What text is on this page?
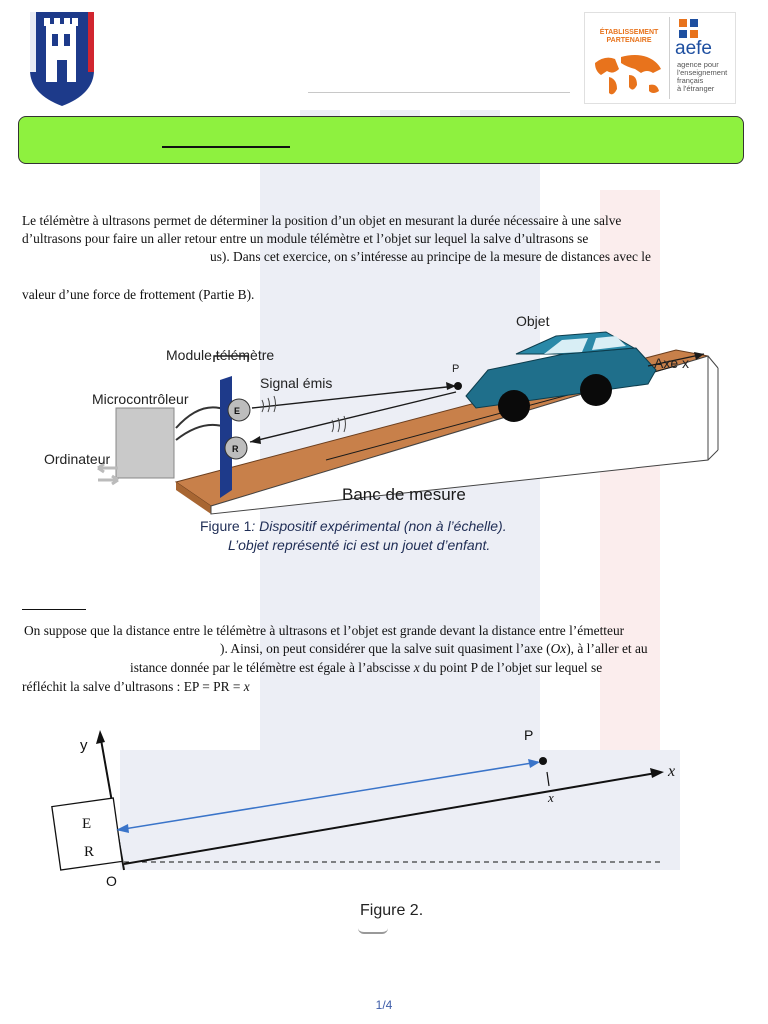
ÉTABLISSEMENT
PARTENAIRE	aefe
agence pour
l'enseignement
français
à l'étranger
Le télémètre à ultrasons permet de déterminer la position d’un objet en mesurant la durée nécessaire à une salve
d’ultrasons pour faire un aller retour entre un module télémètre et l’objet sur lequel la salve d’ultrasons se
us). Dans cet exercice, on s’intéresse au principe de la mesure de distances avec le
valeur d’une force de frottement (Partie B).
Objet
Module télémètre
Signal émis
Microcontrôleur
Ordinateur
Axe x
P
E
R
Banc de mesure
Figure 1: Dispositif expérimental (non à l’échelle).
L’objet représenté ici est un jouet d’enfant.
On suppose que la distance entre le télémètre à ultrasons et l’objet est grande devant la distance entre l’émetteur
). Ainsi, on peut considérer que la salve suit quasiment l’axe (Ox), à l’aller et au
istance donnée par le télémètre est égale à l’abscisse x du point P de l’objet sur lequel se
réfléchit la salve d’ultrasons : EP = PR = x
y
x
P
x
E
R
O
Figure 2.
1/4
